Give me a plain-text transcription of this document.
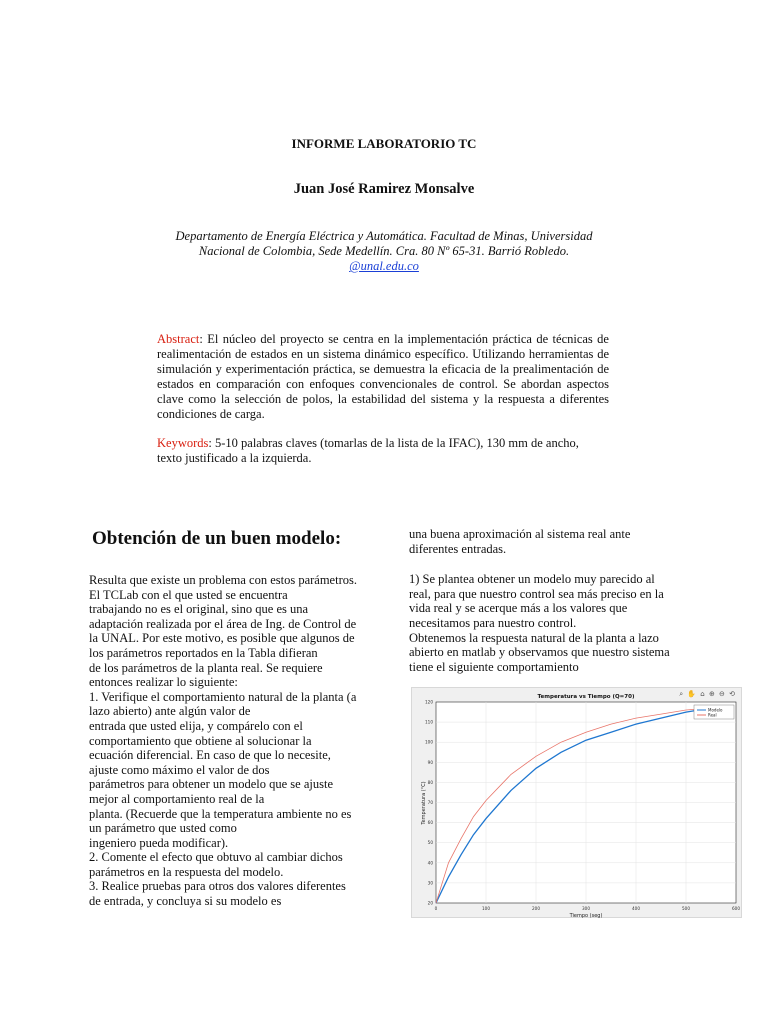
INFORME LABORATORIO TC
Juan José Ramirez Monsalve
Departamento de Energía Eléctrica y Automática. Facultad de Minas, Universidad
Nacional de Colombia, Sede Medellín. Cra. 80 Nº 65-31. Barrió Robledo.
@unal.edu.co
Abstract: El núcleo del proyecto se centra en la implementación práctica de técnicas de realimentación de estados en un sistema dinámico específico. Utilizando herramientas de simulación y experimentación práctica, se demuestra la eficacia de la prealimentación de estados en comparación con enfoques convencionales de control. Se abordan aspectos clave como la selección de polos, la estabilidad del sistema y la respuesta a diferentes condiciones de carga.
Keywords: 5-10 palabras claves (tomarlas de la lista de la IFAC), 130 mm de ancho,
texto justificado a la izquierda.
Obtención de un buen modelo:

Resulta que existe un problema con estos parámetros.
El TCLab con el que usted se encuentra
trabajando no es el original, sino que es una
adaptación realizada por el área de Ing. de Control de
la UNAL. Por este motivo, es posible que algunos de
los parámetros reportados en la Tabla difieran
de los parámetros de la planta real. Se requiere
entonces realizar lo siguiente:
1. Verifique el comportamiento natural de la planta (a
lazo abierto) ante algún valor de
entrada que usted elija, y compárelo con el
comportamiento que obtiene al solucionar la
ecuación diferencial. En caso de que lo necesite,
ajuste como máximo el valor de dos
parámetros para obtener un modelo que se ajuste
mejor al comportamiento real de la
planta. (Recuerde que la temperatura ambiente no es
un parámetro que usted como
ingeniero pueda modificar).
2. Comente el efecto que obtuvo al cambiar dichos
parámetros en la respuesta del modelo.
3. Realice pruebas para otros dos valores diferentes
de entrada, y concluya si su modelo es

una buena aproximación al sistema real ante
diferentes entradas.

1) Se plantea obtener un modelo muy parecido al
real, para que nuestro control sea más preciso en la
vida real y se acerque más a los valores que
necesitamos para nuestro control.
Obtenemos la respuesta natural de la planta a lazo
abierto en matlab y observamos que nuestro sistema
tiene el siguiente comportamiento

⌕ ✋ ⌂ ⊕ ⊖ ⟲
0	100	200	300	400	500	600
20
30
40
50
60
70
80
90
100
110
120
Temperatura vs Tiempo (Q=70)
Tiempo (seg)
Temperatura (°C)
Modelo
Real
